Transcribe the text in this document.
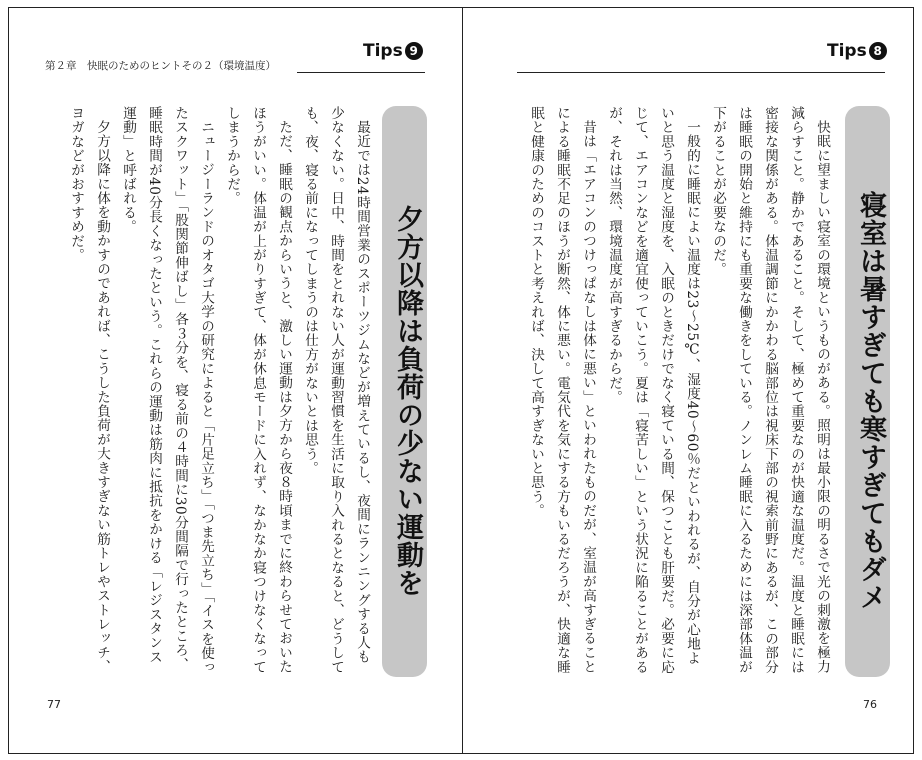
第２章　快眠のためのヒントその２（環境温度）
Tips 9
夕方以降は負荷の少ない運動を

最近では24時間営業のスポーツジムなどが増えているし、夜間にランニングする人も少なくない。日中、時間をとれない人が運動習慣を生活に取り入れるとなると、どうしても、夜、寝る前になってしまうのは仕方がないとは思う。

ただ、睡眠の観点からいうと、激しい運動は夕方から夜８時頃までに終わらせておいたほうがいい。体温が上がりすぎて、体が休息モードに入れず、なかなか寝つけなくなってしまうからだ。

ニュージーランドのオタゴ大学の研究によると「片足立ち」「つま先立ち」「イスを使ったスクワット」「股関節伸ばし」各３分を、寝る前の４時間に30分間隔で行ったところ、睡眠時間が40分長くなったという。これらの運動は筋肉に抵抗をかける「レジスタンス運動」と呼ばれる。

夕方以降に体を動かすのであれば、こうした負荷が大きすぎない筋トレやストレッチ、ヨガなどがおすすめだ。

77
Tips 8
寝室は暑すぎても寒すぎてもダメ

快眠に望ましい寝室の環境というものがある。照明は最小限の明るさで光の刺激を極力減らすこと。静かであること。そして、極めて重要なのが快適な温度だ。温度と睡眠には密接な関係がある。体温調節にかかわる脳部位は視床下部の視索前野にあるが、この部分は睡眠の開始と維持にも重要な働きをしている。ノンレム睡眠に入るためには深部体温が下がることが必要なのだ。

一般的に睡眠によい温度は23～25℃、湿度40～60％だといわれるが、自分が心地よいと思う温度と湿度を、入眠のときだけでなく寝ている間、保つことも肝要だ。必要に応じて、エアコンなどを適宜使っていこう。夏は「寝苦しい」という状況に陥ることがあるが、それは当然、環境温度が高すぎるからだ。

昔は「エアコンのつけっぱなしは体に悪い」といわれたものだが、室温が高すぎることによる睡眠不足のほうが断然、体に悪い。電気代を気にする方もいるだろうが、快適な睡眠と健康のためのコストと考えれば、決して高すぎないと思う。

76
